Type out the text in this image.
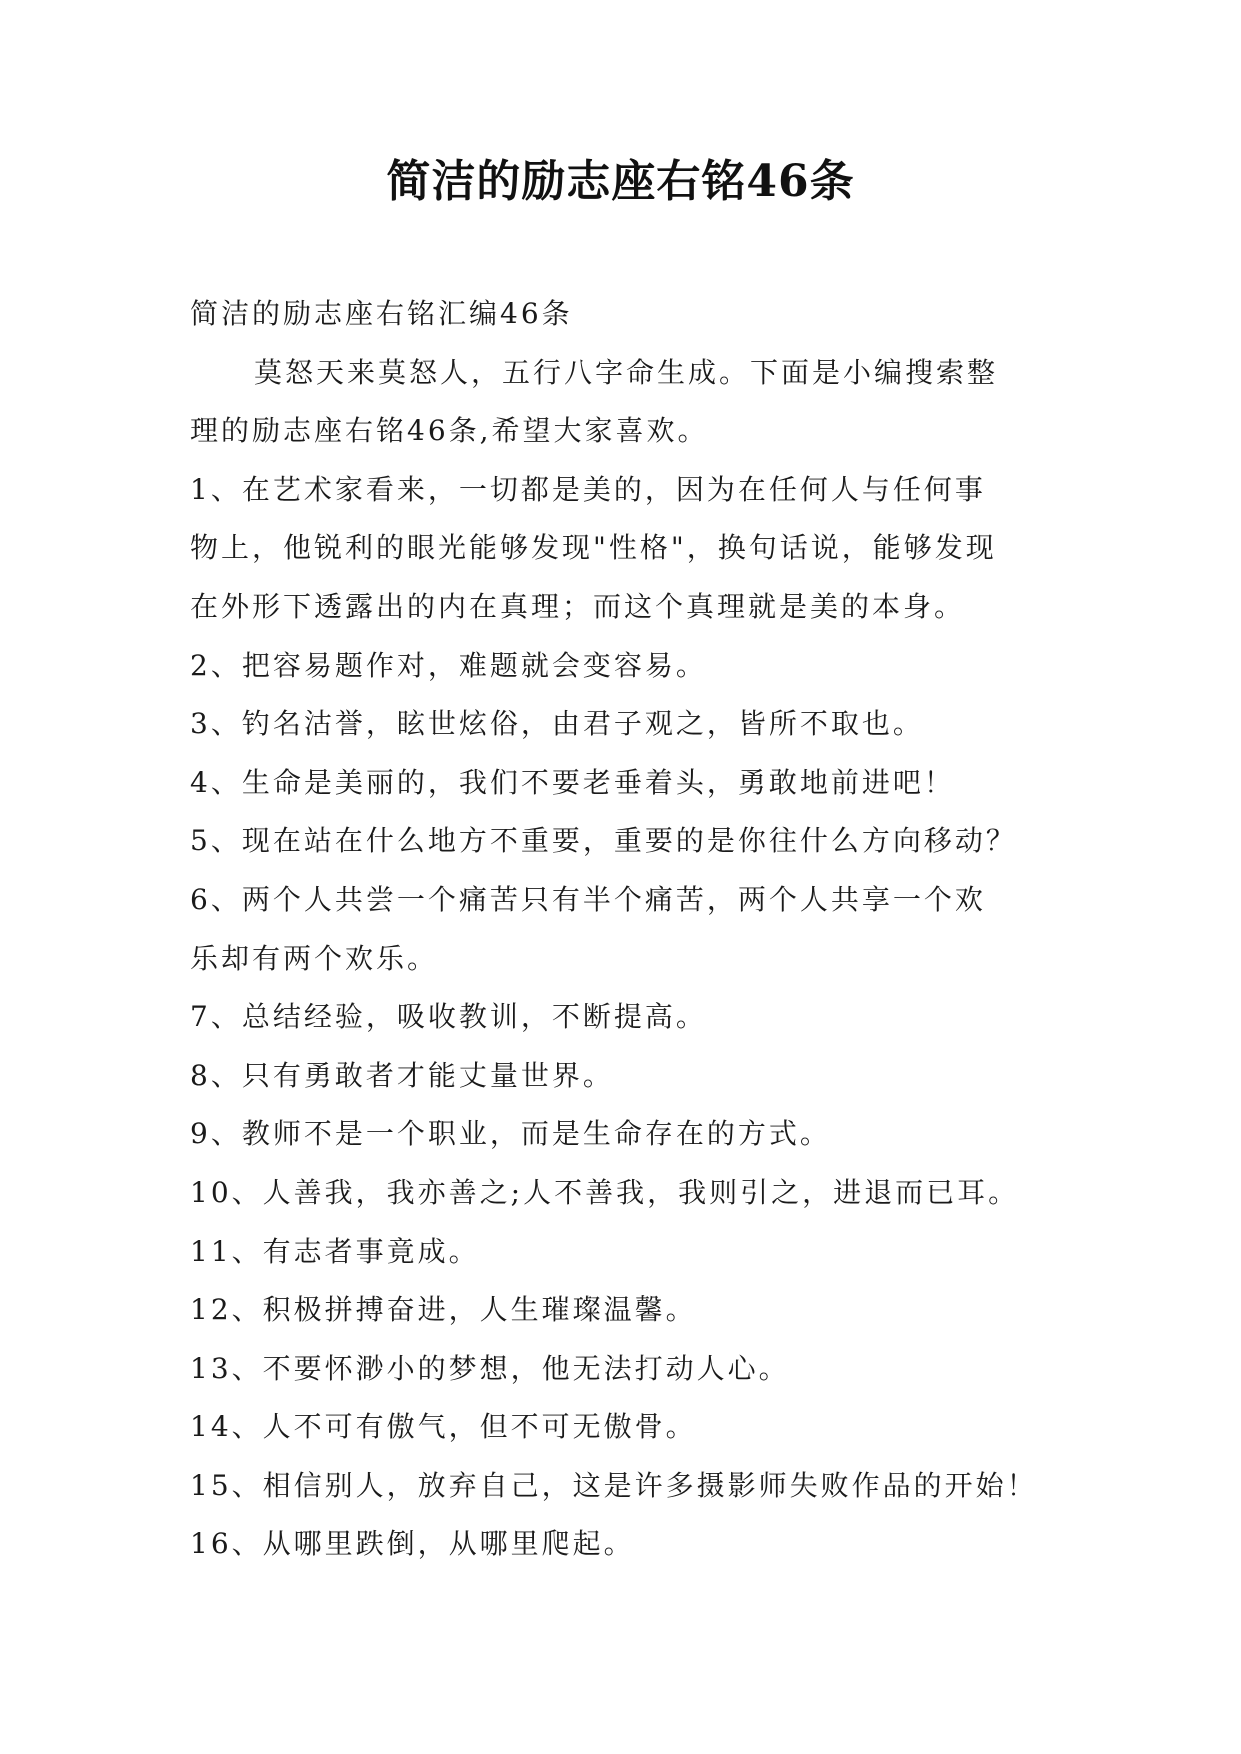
简洁的励志座右铭46条
简洁的励志座右铭汇编46条
莫怒天来莫怒人，五行八字命生成。下面是小编搜索整
理的励志座右铭46条,希望大家喜欢。
1、在艺术家看来，一切都是美的，因为在任何人与任何事
物上，他锐利的眼光能够发现"性格"，换句话说，能够发现
在外形下透露出的内在真理；而这个真理就是美的本身。
2、把容易题作对，难题就会变容易。
3、钓名沽誉，眩世炫俗，由君子观之，皆所不取也。
4、生命是美丽的，我们不要老垂着头，勇敢地前进吧！
5、现在站在什么地方不重要，重要的是你往什么方向移动？
6、两个人共尝一个痛苦只有半个痛苦，两个人共享一个欢
乐却有两个欢乐。
7、总结经验，吸收教训，不断提高。
8、只有勇敢者才能丈量世界。
9、教师不是一个职业，而是生命存在的方式。
10、人善我，我亦善之;人不善我，我则引之，进退而已耳。
11、有志者事竟成。
12、积极拼搏奋进，人生璀璨温馨。
13、不要怀渺小的梦想，他无法打动人心。
14、人不可有傲气，但不可无傲骨。
15、相信别人，放弃自己，这是许多摄影师失败作品的开始！
16、从哪里跌倒，从哪里爬起。
